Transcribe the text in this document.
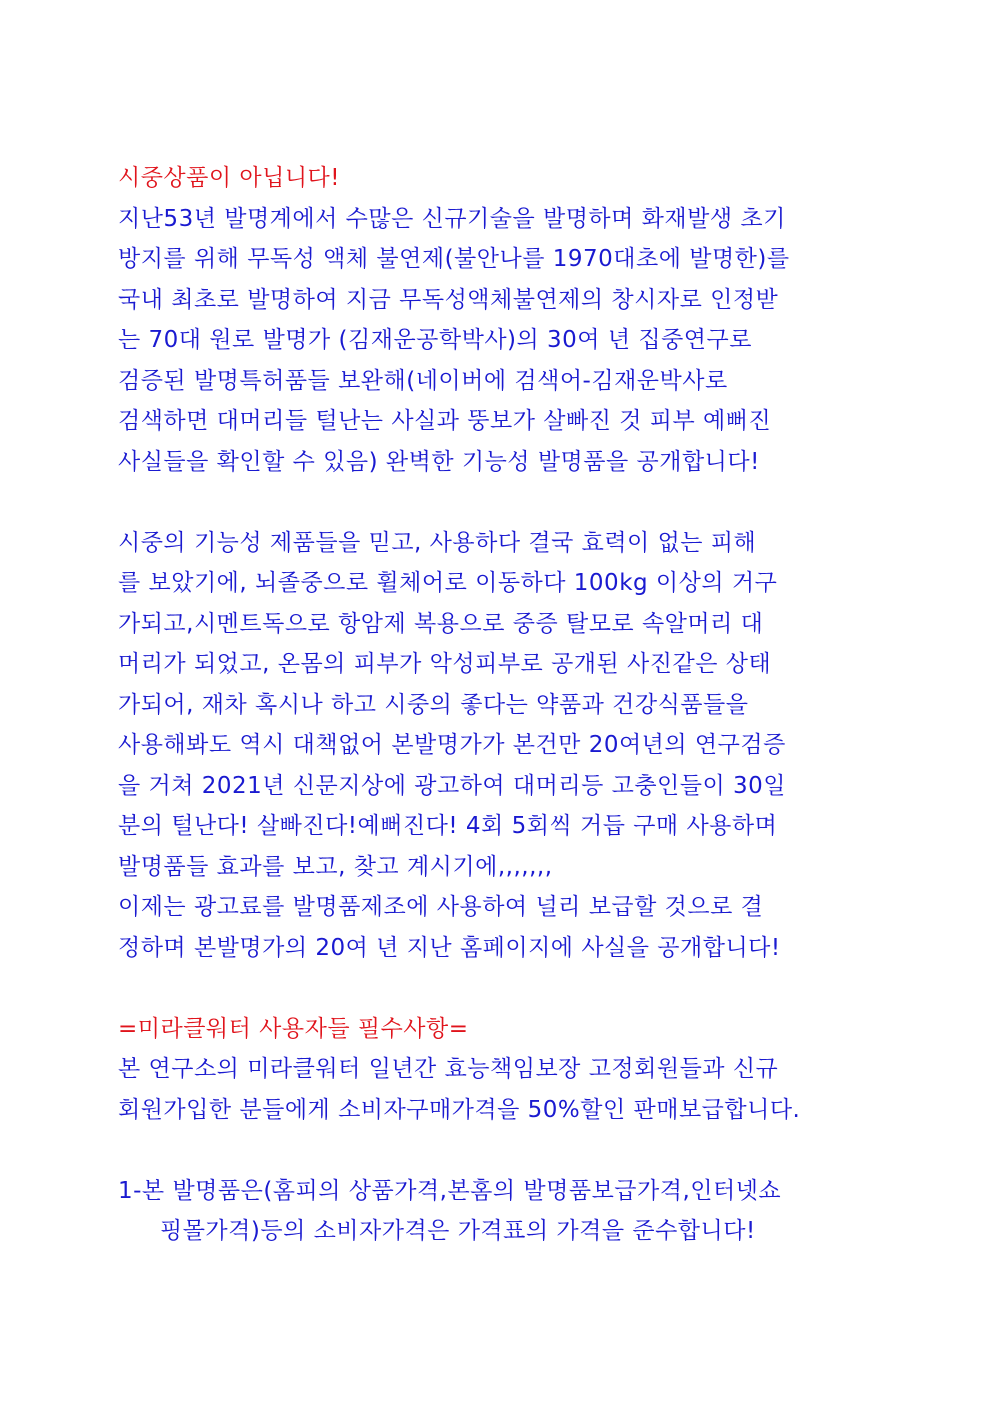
시중상품이 아닙니다!
지난53년 발명계에서 수많은 신규기술을 발명하며 화재발생 초기
방지를 위해 무독성 액체 불연제(불안나를 1970대초에 발명한)를
국내 최초로 발명하여 지금 무독성액체불연제의 창시자로 인정받
는 70대 원로 발명가 (김재운공학박사)의 30여 년 집중연구로
검증된 발명특허품들 보완해(네이버에 검색어-김재운박사로
검색하면 대머리들 털난는 사실과 뚱보가 살빠진 것 피부 예뻐진
사실들을 확인할 수 있음) 완벽한 기능성 발명품을 공개합니다!
시중의 기능성 제품들을 믿고, 사용하다 결국 효력이 없는 피해
를 보았기에, 뇌졸중으로 휠체어로 이동하다 100kg 이상의 거구
가되고,시멘트독으로 항암제 복용으로 중증 탈모로 속알머리 대
머리가 되었고, 온몸의 피부가 악성피부로 공개된 사진같은 상태
가되어, 재차 혹시나 하고 시중의 좋다는 약품과 건강식품들을
사용해봐도 역시 대책없어 본발명가가 본건만 20여년의 연구검증
을 거쳐 2021년 신문지상에 광고하여 대머리등 고충인들이 30일
분의 털난다! 살빠진다!예뻐진다! 4회 5회씩 거듭 구매 사용하며
발명품들 효과를 보고, 찾고 계시기에,,,,,,,
이제는 광고료를 발명품제조에 사용하여 널리 보급할 것으로 결
정하며 본발명가의 20여 년 지난 홈페이지에 사실을 공개합니다!
=미라클워터 사용자들 필수사항=
본 연구소의 미라클워터 일년간 효능책임보장 고정회원들과 신규
회원가입한 분들에게 소비자구매가격을 50%할인 판매보급합니다.
1-본 발명품은(홈피의 상품가격,본홈의 발명품보급가격,인터넷쇼
핑몰가격)등의 소비자가격은 가격표의 가격을 준수합니다!
